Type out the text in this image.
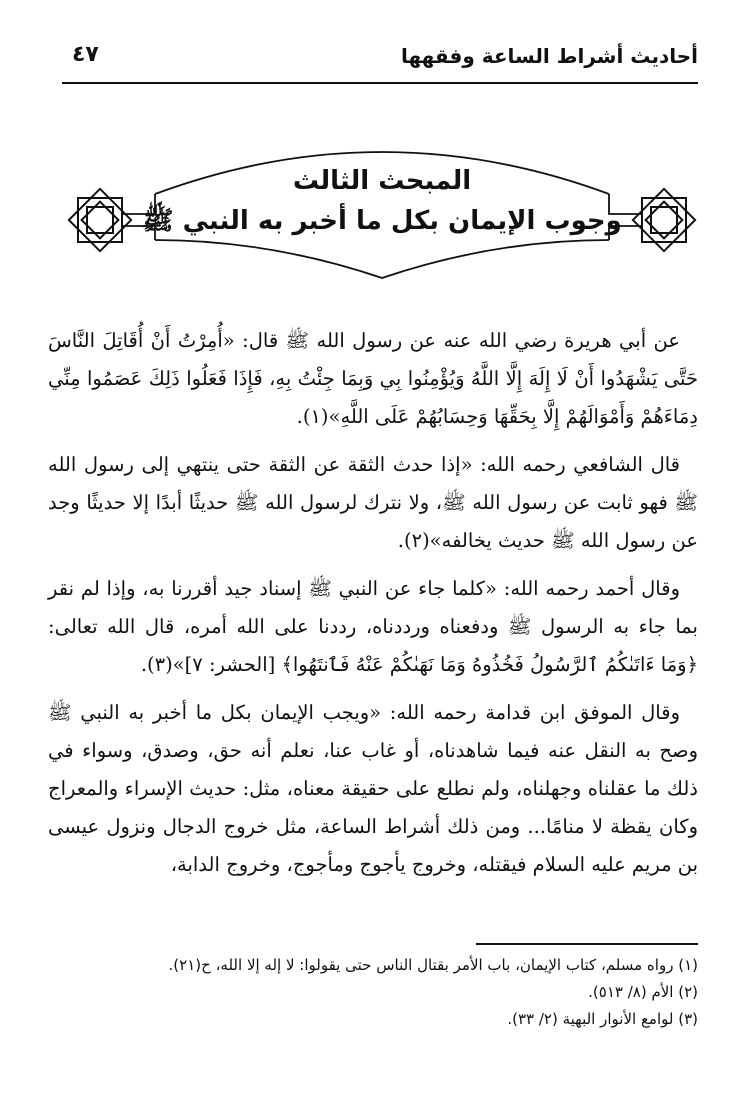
أحاديث أشراط الساعة وفقهها
٤٧
المبحث الثالث
وجوب الإيمان بكل ما أخبر به النبي ﷺ

عن أبي هريرة رضي الله عنه عن رسول الله ﷺ قال: «أُمِرْتُ أَنْ أُقَاتِلَ النَّاسَ حَتَّى يَشْهَدُوا أَنْ لَا إِلَهَ إِلَّا اللَّهُ وَيُؤْمِنُوا بِي وَبِمَا جِئْتُ بِهِ، فَإِذَا فَعَلُوا ذَلِكَ عَصَمُوا مِنِّي دِمَاءَهُمْ وَأَمْوَالَهُمْ إِلَّا بِحَقِّهَا وَحِسَابُهُمْ عَلَى اللَّهِ»(١).

قال الشافعي رحمه الله: «إذا حدث الثقة عن الثقة حتى ينتهي إلى رسول الله ﷺ فهو ثابت عن رسول الله ﷺ، ولا نترك لرسول الله ﷺ حديثًا أبدًا إلا حديثًا وجد عن رسول الله ﷺ حديث يخالفه»(٢).

وقال أحمد رحمه الله: «كلما جاء عن النبي ﷺ إسناد جيد أقررنا به، وإذا لم نقر بما جاء به الرسول ﷺ ودفعناه ورددناه، رددنا على الله أمره، قال الله تعالى: ﴿وَمَا ءَاتَىٰكُمُ ٱلرَّسُولُ فَخُذُوهُ وَمَا نَهَىٰكُمْ عَنْهُ فَٱنتَهُوا﴾ [الحشر: ٧]»(٣).

وقال الموفق ابن قدامة رحمه الله: «ويجب الإيمان بكل ما أخبر به النبي ﷺ وصح به النقل عنه فيما شاهدناه، أو غاب عنا، نعلم أنه حق، وصدق، وسواء في ذلك ما عقلناه وجهلناه، ولم نطلع على حقيقة معناه، مثل: حديث الإسراء والمعراج وكان يقظة لا منامًا... ومن ذلك أشراط الساعة، مثل خروج الدجال ونزول عيسى بن مريم عليه السلام فيقتله، وخروج يأجوج ومأجوج، وخروج الدابة،

(١) رواه مسلم، كتاب الإيمان، باب الأمر بقتال الناس حتى يقولوا: لا إله إلا الله، ح(٢١).
(٢) الأم (٨/ ٥١٣).
(٣) لوامع الأنوار البهية (٢/ ٣٣).
